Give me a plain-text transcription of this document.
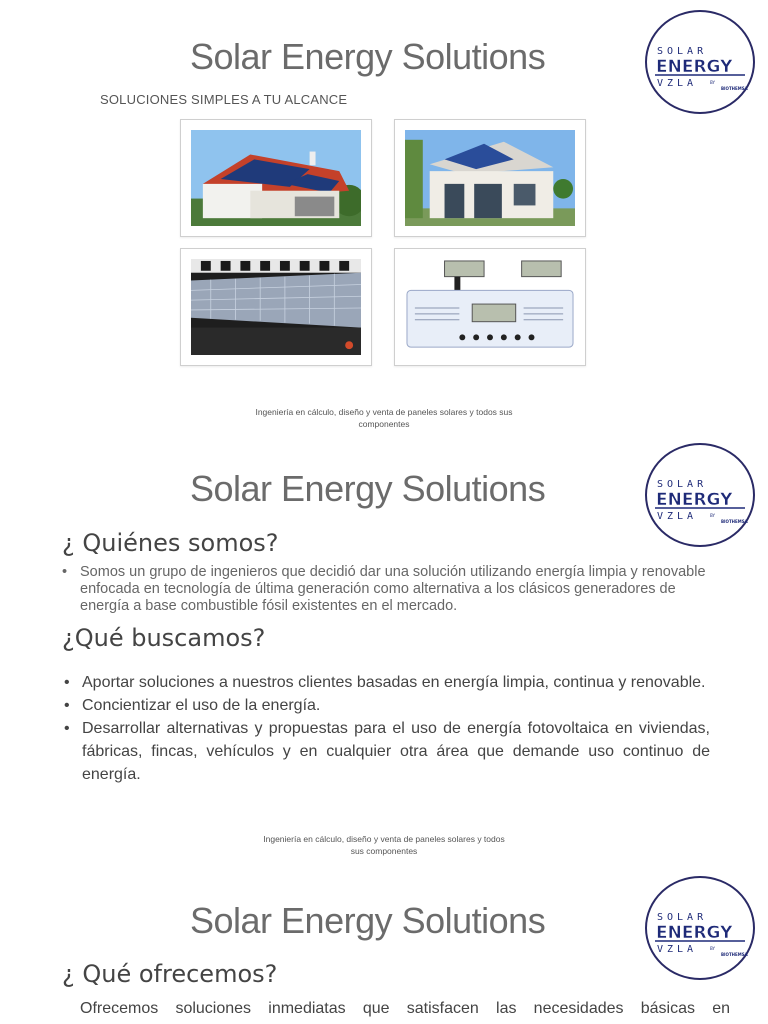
Solar Energy Solutions	SOLAR
ENERGY
VZLA	BY
BIOTHEMSA
SOLUCIONES SIMPLES A TU ALCANCE
Ingeniería en cálculo, diseño y venta de paneles solares y todos sus
componentes
Solar Energy Solutions	SOLAR
ENERGY
VZLA	BY
BIOTHEMSA
¿ Quiénes somos?
• Somos un grupo de ingenieros que decidió dar una solución utilizando energía limpia y renovable enfocada en tecnología de última generación como alternativa a los clásicos generadores de energía a base combustible fósil existentes en el mercado.
¿Qué buscamos?
• Aportar soluciones a nuestros clientes basadas en energía limpia, continua y renovable.
• Concientizar el uso de la energía.
• Desarrollar alternativas y propuestas para el uso de energía fotovoltaica en viviendas, fábricas, fincas, vehículos y en cualquier otra área que demande uso continuo de energía.
Ingeniería en cálculo, diseño y venta de paneles solares y todos
sus componentes
Solar Energy Solutions	SOLAR
ENERGY
VZLA	BY
BIOTHEMSA
¿ Qué ofrecemos?
Ofrecemos soluciones inmediatas que satisfacen las necesidades básicas en
